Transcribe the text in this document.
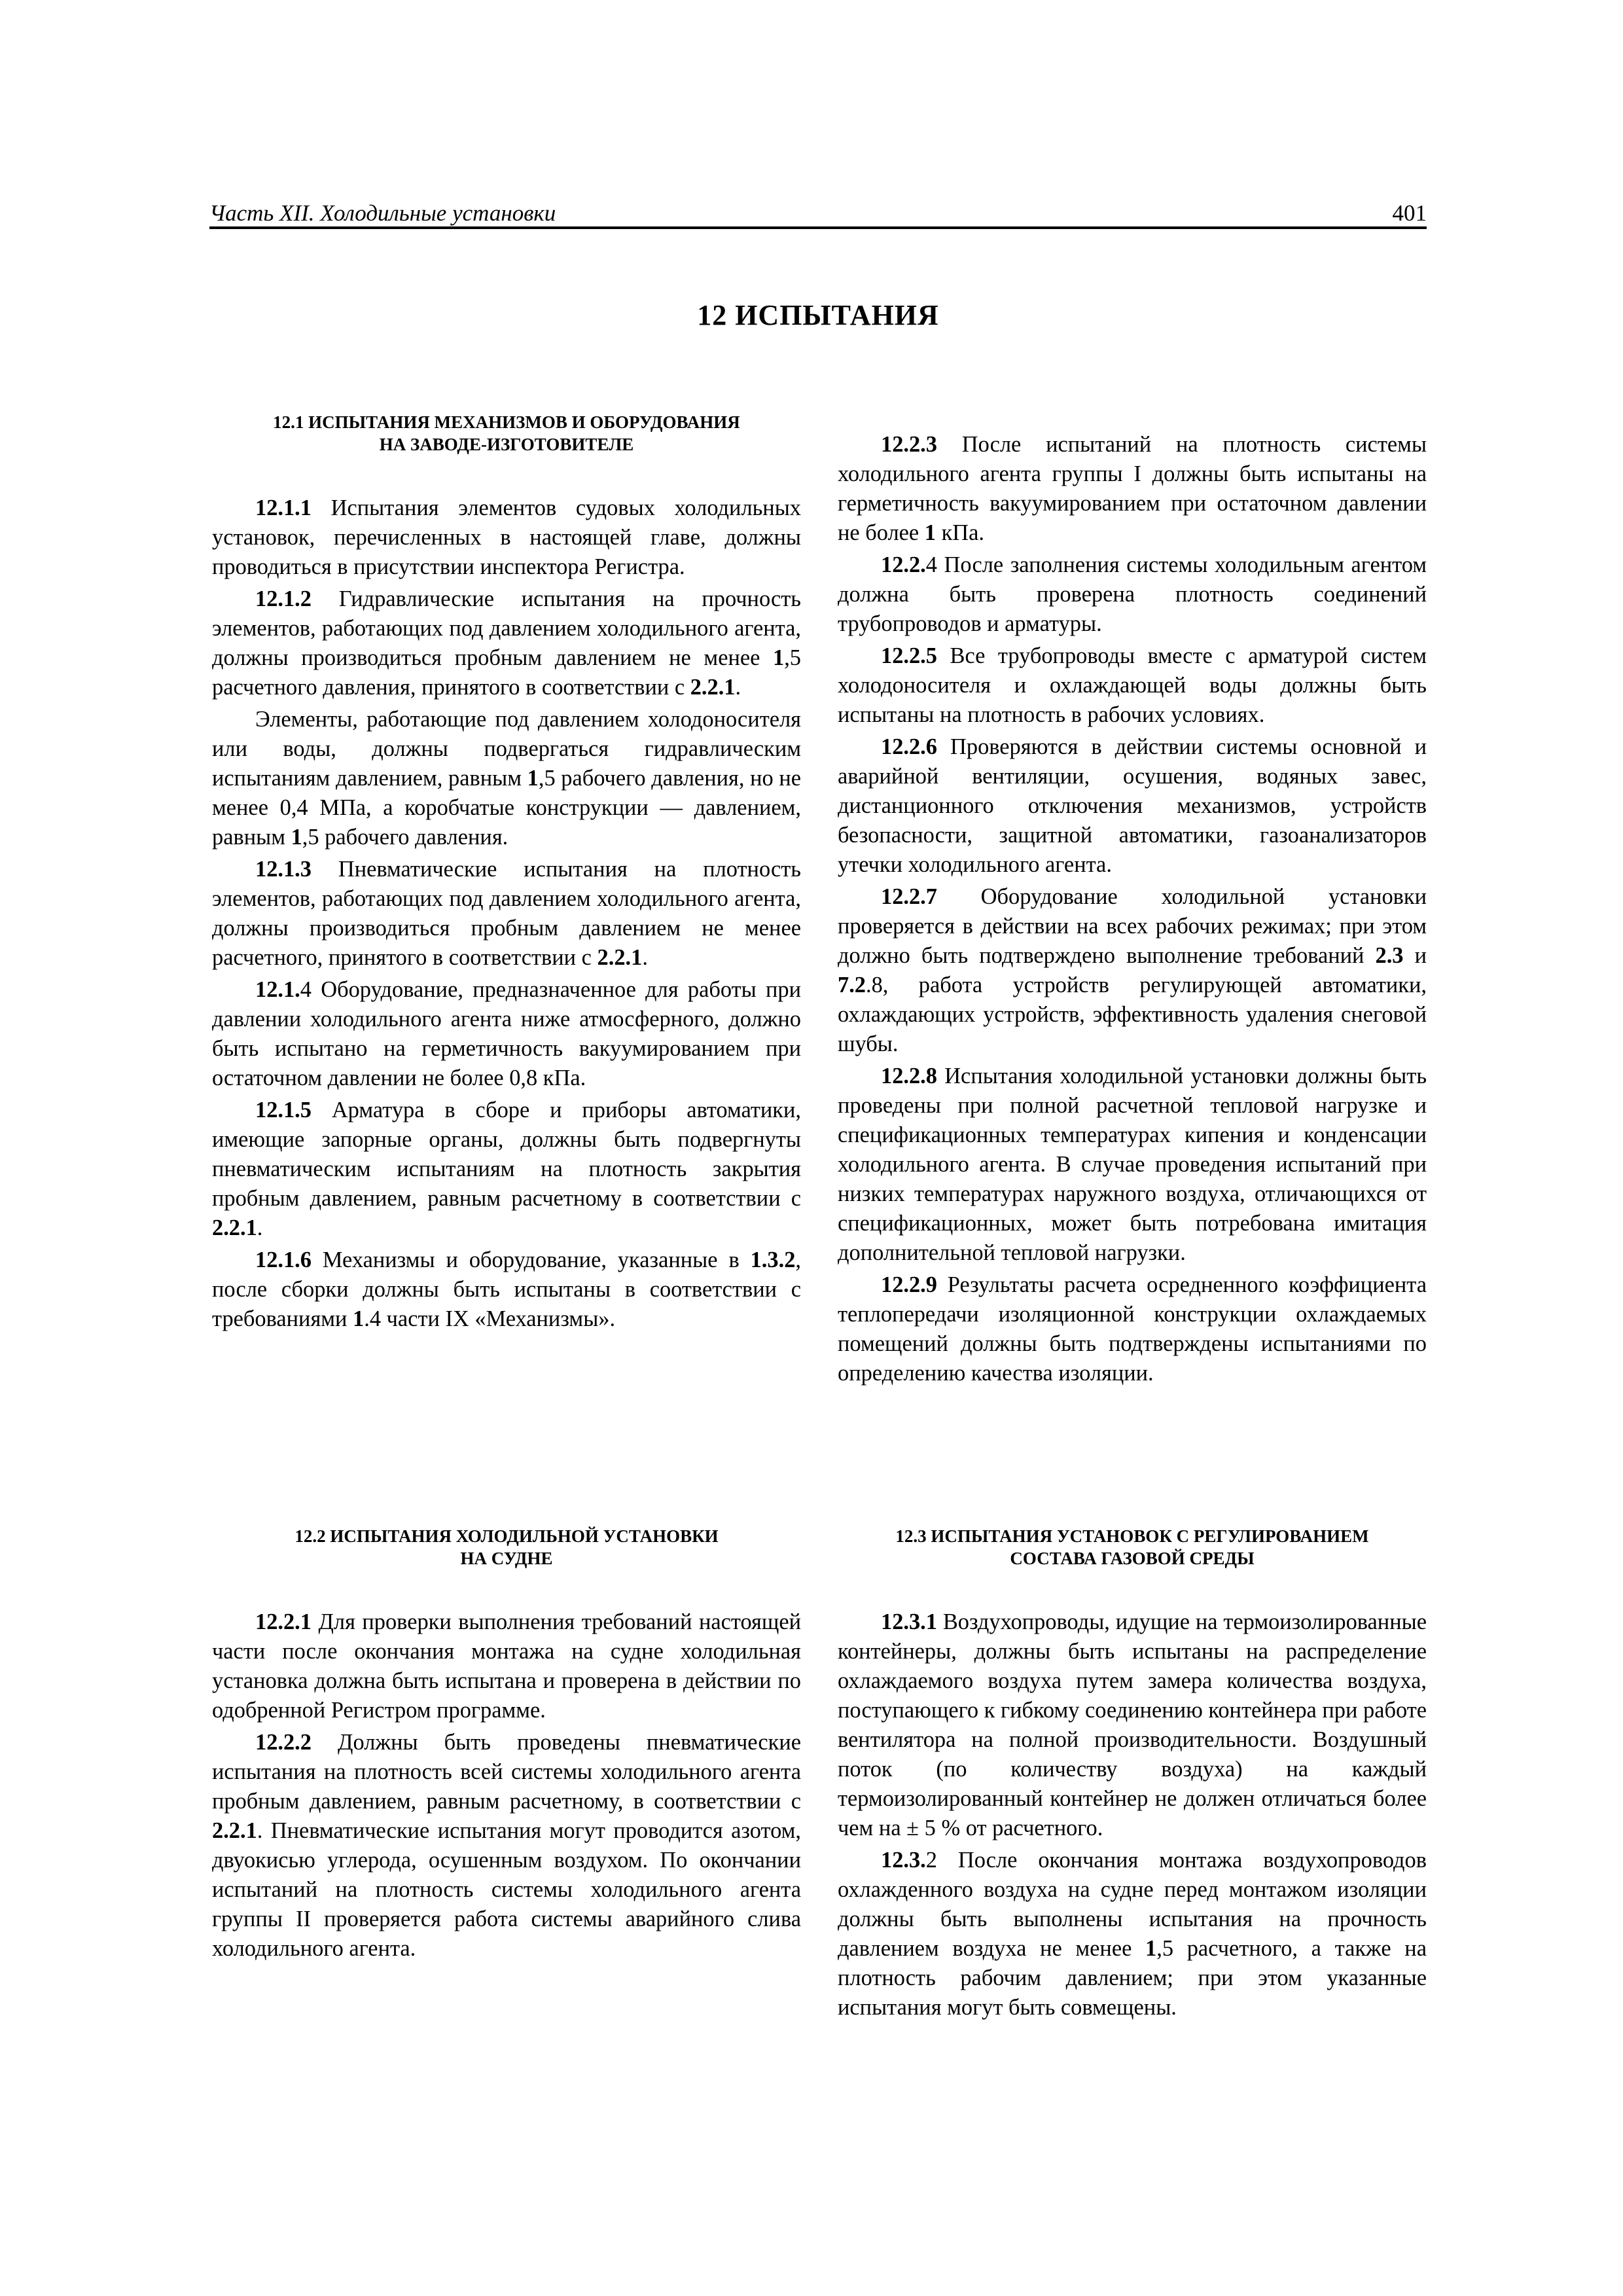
Часть XII. Холодильные установки	401
12 ИСПЫТАНИЯ
12.1 ИСПЫТАНИЯ МЕХАНИЗМОВ И ОБОРУДОВАНИЯ
НА ЗАВОДЕ-ИЗГОТОВИТЕЛЕ

12.1.1 Испытания элементов судовых холодильных установок, перечисленных в настоящей главе, должны проводиться в присутствии инспектора Регистра.

12.1.2 Гидравлические испытания на прочность элементов, работающих под давлением холодильного агента, должны производиться пробным давлением не менее 1,5 расчетного давления, принятого в соответствии с 2.2.1.

Элементы, работающие под давлением холодоносителя или воды, должны подвергаться гидравлическим испытаниям давлением, равным 1,5 рабочего давления, но не менее 0,4 МПа, а коробчатые конструкции — давлением, равным 1,5 рабочего давления.

12.1.3 Пневматические испытания на плотность элементов, работающих под давлением холодильного агента, должны производиться пробным давлением не менее расчетного, принятого в соответствии с 2.2.1.

12.1.4 Оборудование, предназначенное для работы при давлении холодильного агента ниже атмосферного, должно быть испытано на герметичность вакуумированием при остаточном давлении не более 0,8 кПа.

12.1.5 Арматура в сборе и приборы автоматики, имеющие запорные органы, должны быть подвергнуты пневматическим испытаниям на плотность закрытия пробным давлением, равным расчетному в соответствии с 2.2.1.

12.1.6 Механизмы и оборудование, указанные в 1.3.2, после сборки должны быть испытаны в соответствии с требованиями 1.4 части IX «Механизмы».

12.2.3 После испытаний на плотность системы холодильного агента группы I должны быть испытаны на герметичность вакуумированием при остаточном давлении не более 1 кПа.

12.2.4 После заполнения системы холодильным агентом должна быть проверена плотность соединений трубопроводов и арматуры.

12.2.5 Все трубопроводы вместе с арматурой систем холодоносителя и охлаждающей воды должны быть испытаны на плотность в рабочих условиях.

12.2.6 Проверяются в действии системы основной и аварийной вентиляции, осушения, водяных завес, дистанционного отключения механизмов, устройств безопасности, защитной автоматики, газоанализаторов утечки холодильного агента.

12.2.7 Оборудование холодильной установки проверяется в действии на всех рабочих режимах; при этом должно быть подтверждено выполнение требований 2.3 и 7.2.8, работа устройств регулирующей автоматики, охлаждающих устройств, эффективность удаления снеговой шубы.

12.2.8 Испытания холодильной установки должны быть проведены при полной расчетной тепловой нагрузке и спецификационных температурах кипения и конденсации холодильного агента. В случае проведения испытаний при низких температурах наружного воздуха, отличающихся от спецификационных, может быть потребована имитация дополнительной тепловой нагрузки.

12.2.9 Результаты расчета осредненного коэффициента теплопередачи изоляционной конструкции охлаждаемых помещений должны быть подтверждены испытаниями по определению качества изоляции.

12.2 ИСПЫТАНИЯ ХОЛОДИЛЬНОЙ УСТАНОВКИ
НА СУДНЕ

12.2.1 Для проверки выполнения требований настоящей части после окончания монтажа на судне холодильная установка должна быть испытана и проверена в действии по одобренной Регистром программе.

12.2.2 Должны быть проведены пневматические испытания на плотность всей системы холодильного агента пробным давлением, равным расчетному, в соответствии с 2.2.1. Пневматические испытания могут проводится азотом, двуокисью углерода, осушенным воздухом. По окончании испытаний на плотность системы холодильного агента группы II проверяется работа системы аварийного слива холодильного агента.

12.3 ИСПЫТАНИЯ УСТАНОВОК С РЕГУЛИРОВАНИЕМ
СОСТАВА ГАЗОВОЙ СРЕДЫ

12.3.1 Воздухопроводы, идущие на термоизолированные контейнеры, должны быть испытаны на распределение охлаждаемого воздуха путем замера количества воздуха, поступающего к гибкому соединению контейнера при работе вентилятора на полной производительности. Воздушный поток (по количеству воздуха) на каждый термоизолированный контейнер не должен отличаться более чем на ± 5 % от расчетного.

12.3.2 После окончания монтажа воздухопроводов охлажденного воздуха на судне перед монтажом изоляции должны быть выполнены испытания на прочность давлением воздуха не менее 1,5 расчетного, а также на плотность рабочим давлением; при этом указанные испытания могут быть совмещены.
